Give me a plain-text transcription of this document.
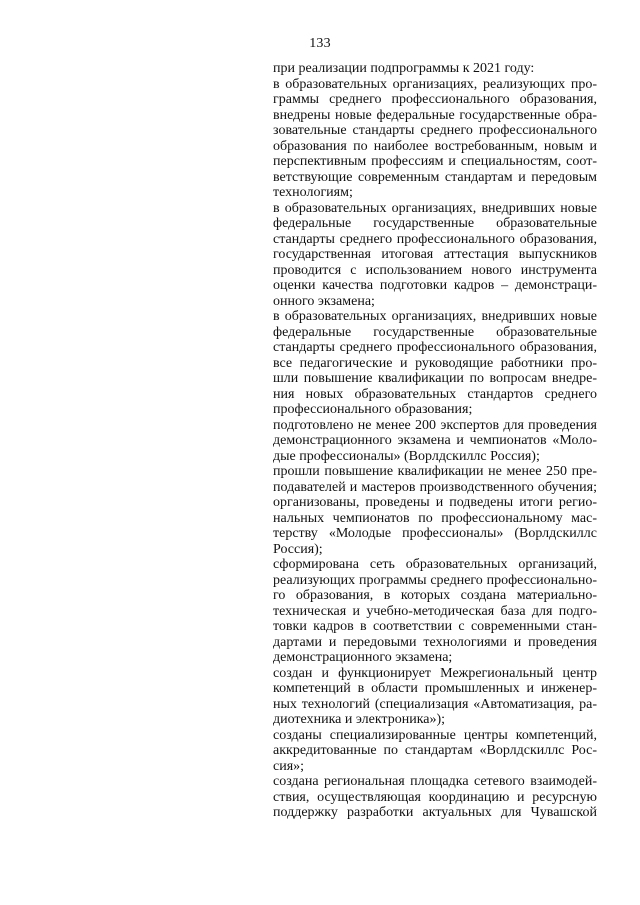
133
при реализации подпрограммы к 2021 году:
в образовательных организациях, реализующих про-
граммы среднего профессионального образования,
внедрены новые федеральные государственные обра-
зовательные стандарты среднего профессионального
образования по наиболее востребованным, новым и
перспективным профессиям и специальностям, соот-
ветствующие современным стандартам и передовым
технологиям;
в образовательных организациях, внедривших новые
федеральные государственные образовательные
стандарты среднего профессионального образования,
государственная итоговая аттестация выпускников
проводится с использованием нового инструмента
оценки качества подготовки кадров – демонстраци-
онного экзамена;
в образовательных организациях, внедривших новые
федеральные государственные образовательные
стандарты среднего профессионального образования,
все педагогические и руководящие работники про-
шли повышение квалификации по вопросам внедре-
ния новых образовательных стандартов среднего
профессионального образования;
подготовлено не менее 200 экспертов для проведения
демонстрационного экзамена и чемпионатов «Моло-
дые профессионалы» (Ворлдскиллс Россия);
прошли повышение квалификации не менее 250 пре-
подавателей и мастеров производственного обучения;
организованы, проведены и подведены итоги регио-
нальных чемпионатов по профессиональному мас-
терству «Молодые профессионалы» (Ворлдскиллс
Россия);
сформирована сеть образовательных организаций,
реализующих программы среднего профессионально-
го образования, в которых создана материально-
техническая и учебно-методическая база для подго-
товки кадров в соответствии с современными стан-
дартами и передовыми технологиями и проведения
демонстрационного экзамена;
создан и функционирует Межрегиональный центр
компетенций в области промышленных и инженер-
ных технологий (специализация «Автоматизация, ра-
диотехника и электроника»);
созданы специализированные центры компетенций,
аккредитованные по стандартам «Ворлдскиллс Рос-
сия»;
создана региональная площадка сетевого взаимодей-
ствия, осуществляющая координацию и ресурсную
поддержку разработки актуальных для Чувашской
